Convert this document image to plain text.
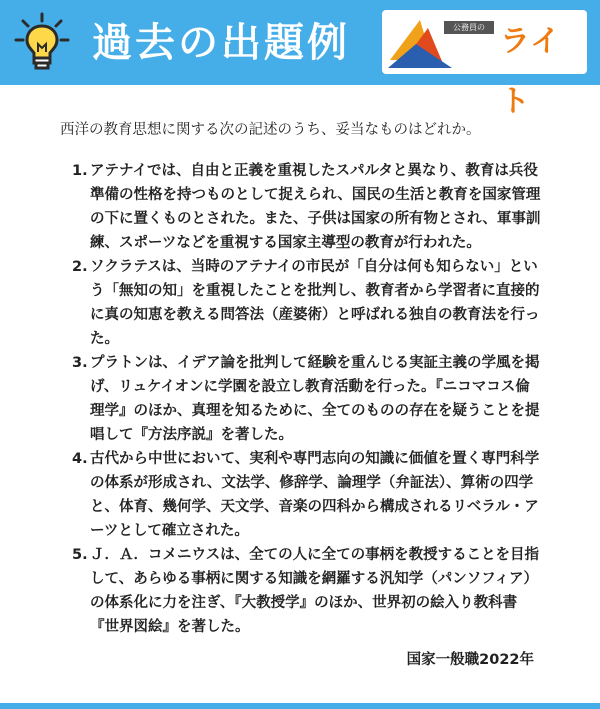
過去の出題例	公務員の ライト
西洋の教育思想に関する次の記述のうち、妥当なものはどれか。
1. アテナイでは、自由と正義を重視したスパルタと異なり、教育は兵役準備の性格を持つものとして捉えられ、国民の生活と教育を国家管理の下に置くものとされた。また、子供は国家の所有物とされ、軍事訓練、スポーツなどを重視する国家主導型の教育が行われた。
2. ソクラテスは、当時のアテナイの市民が「自分は何も知らない」という「無知の知」を重視したことを批判し、教育者から学習者に直接的に真の知恵を教える問答法（産婆術）と呼ばれる独自の教育法を行った。
3. プラトンは、イデア論を批判して経験を重んじる実証主義の学風を掲げ、リュケイオンに学園を設立し教育活動を行った。『ニコマコス倫理学』のほか、真理を知るために、全てのものの存在を疑うことを提唱して『方法序説』を著した。
4. 古代から中世において、実利や専門志向の知識に価値を置く専門科学の体系が形成され、文法学、修辞学、論理学（弁証法）、算術の四学と、体育、幾何学、天文学、音楽の四科から構成されるリベラル・アーツとして確立された。
5. Ｊ．Ａ．コメニウスは、全ての人に全ての事柄を教授することを目指して、あらゆる事柄に関する知識を網羅する汎知学（パンソフィア）の体系化に力を注ぎ、『大教授学』のほか、世界初の絵入り教科書『世界図絵』を著した。
国家一般職2022年
